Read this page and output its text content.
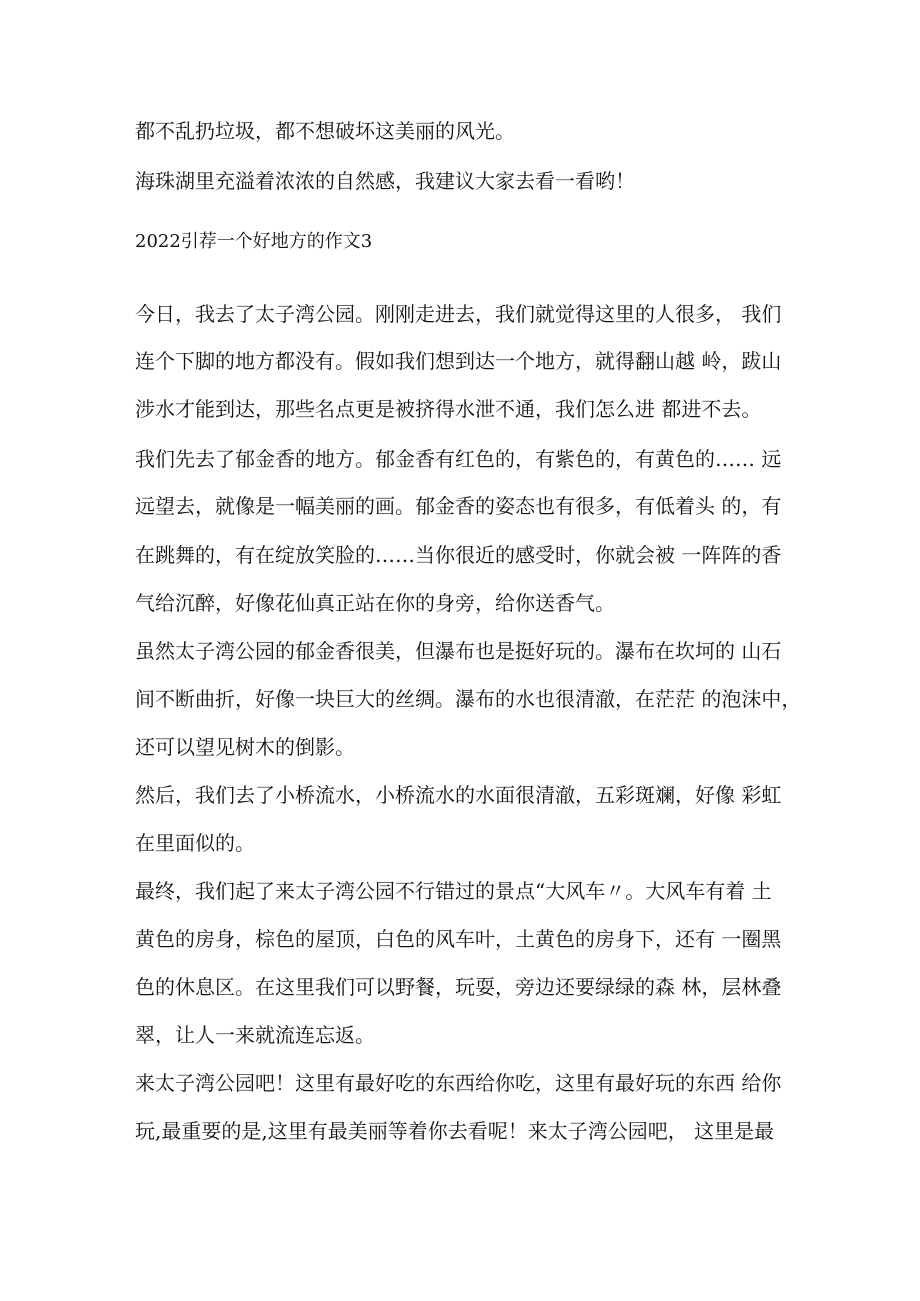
都不乱扔垃圾，都不想破坏这美丽的风光。
海珠湖里充溢着浓浓的自然感，我建议大家去看一看哟！
2022引荐一个好地方的作文3
今日，我去了太子湾公园。刚刚走进去，我们就觉得这里的人很多， 我们
连个下脚的地方都没有。假如我们想到达一个地方，就得翻山越 岭，跋山
涉水才能到达，那些名点更是被挤得水泄不通，我们怎么进 都进不去。
我们先去了郁金香的地方。郁金香有红色的，有紫色的，有黄色的…… 远
远望去，就像是一幅美丽的画。郁金香的姿态也有很多，有低着头 的，有
在跳舞的，有在绽放笑脸的……当你很近的感受时，你就会被 一阵阵的香
气给沉醉，好像花仙真正站在你的身旁，给你送香气。
虽然太子湾公园的郁金香很美，但瀑布也是挺好玩的。瀑布在坎坷的 山石
间不断曲折，好像一块巨大的丝绸。瀑布的水也很清澈，在茫茫 的泡沫中，
还可以望见树木的倒影。
然后，我们去了小桥流水，小桥流水的水面很清澈，五彩斑斓，好像 彩虹
在里面似的。
最终，我们起了来太子湾公园不行错过的景点“大风车〃。大风车有着 土
黄色的房身，棕色的屋顶，白色的风车叶，土黄色的房身下，还有 一圈黑
色的休息区。在这里我们可以野餐，玩耍，旁边还要绿绿的森 林，层林叠
翠，让人一来就流连忘返。
来太子湾公园吧！这里有最好吃的东西给你吃，这里有最好玩的东西 给你
玩,最重要的是,这里有最美丽等着你去看呢！来太子湾公园吧， 这里是最
